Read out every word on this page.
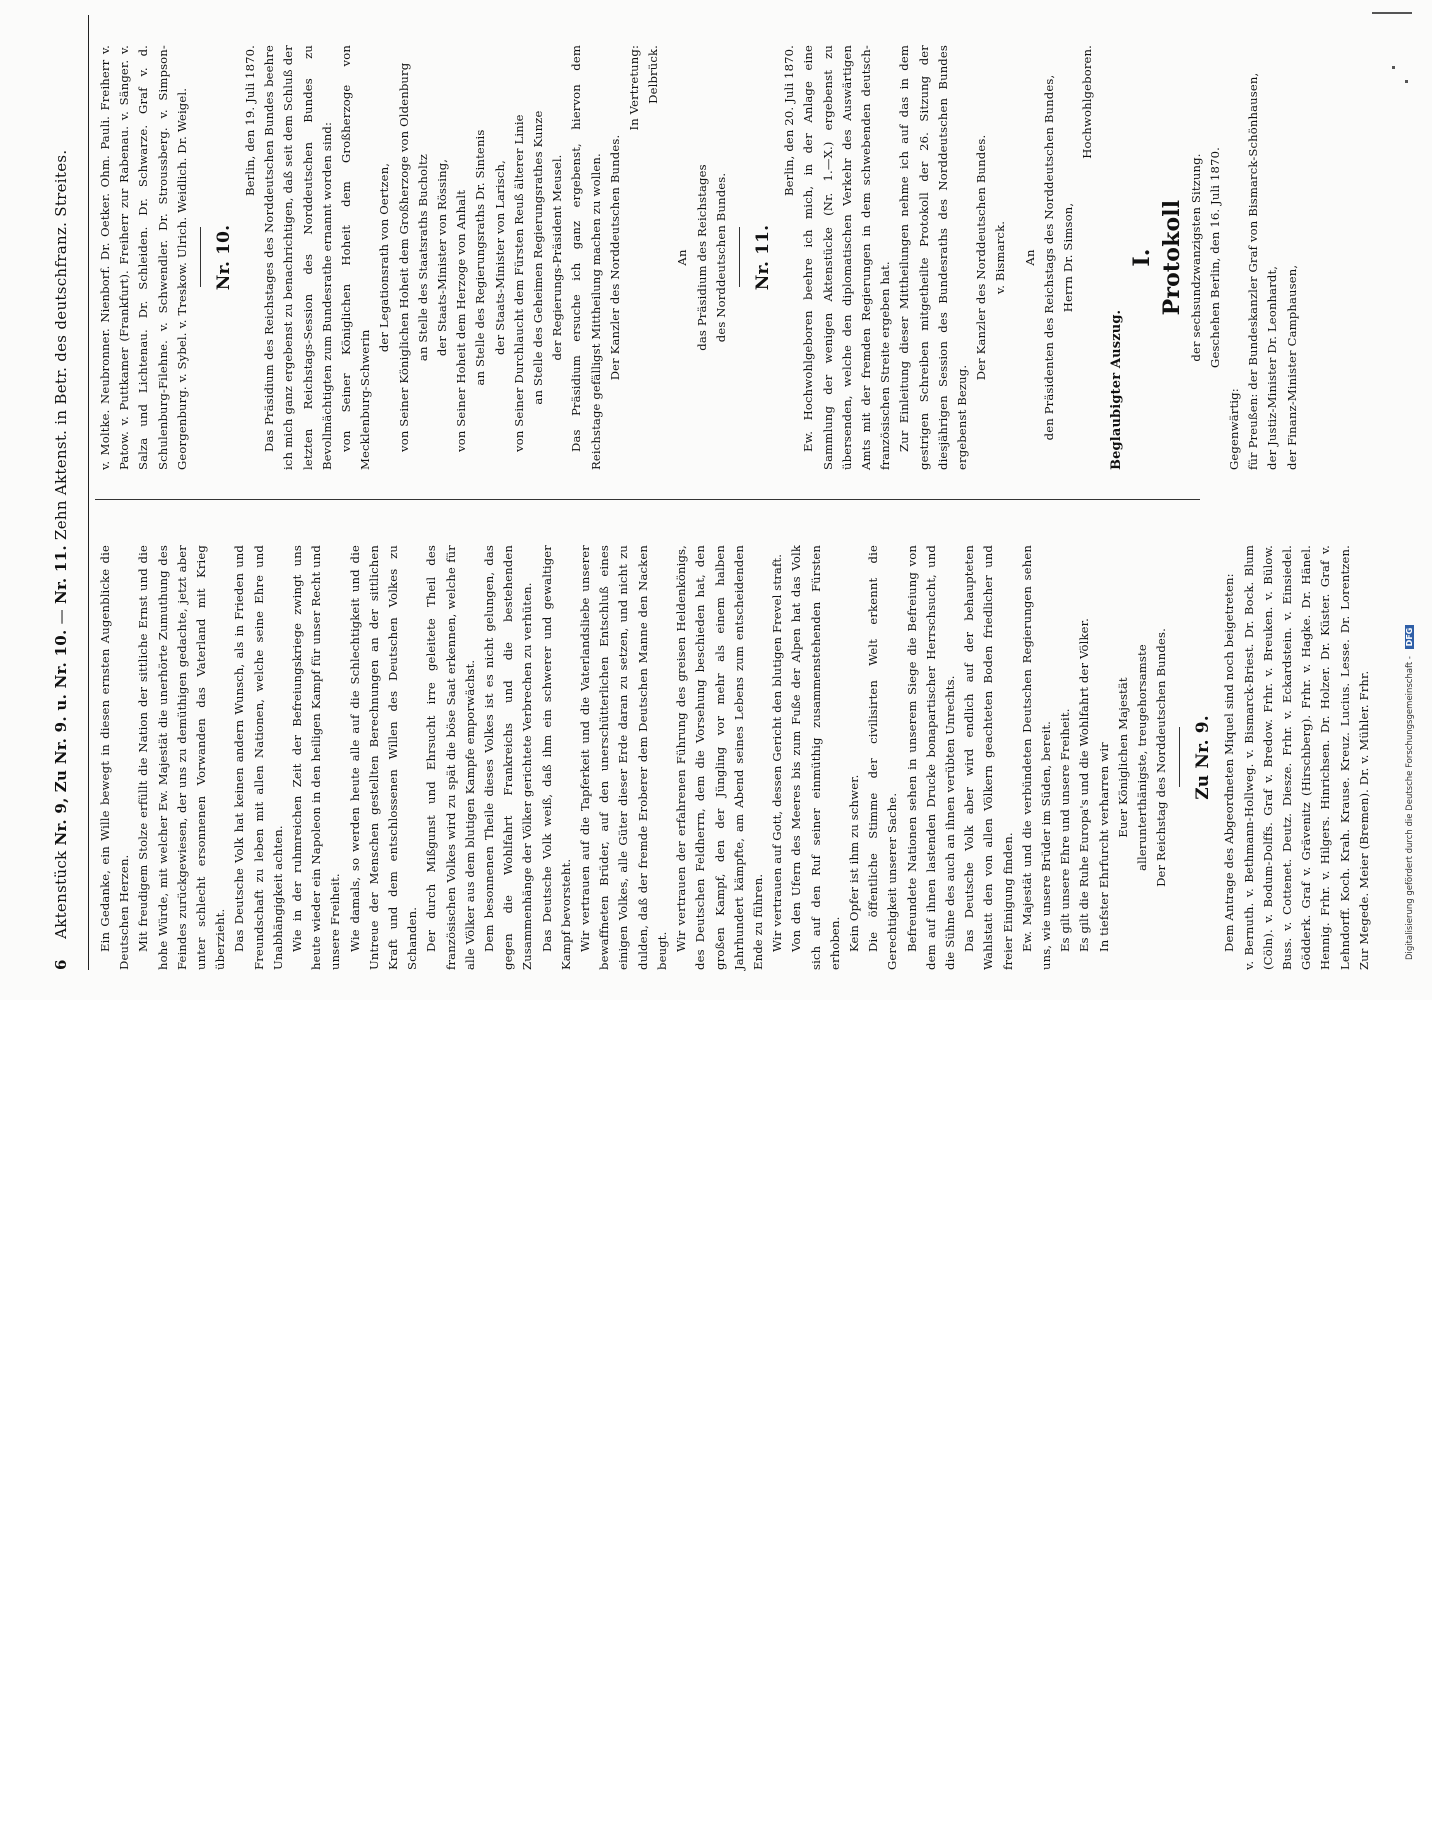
6 Aktenstück Nr. 9, Zu Nr. 9. u. Nr. 10. — Nr. 11. Zehn Aktenst. in Betr. des deutschfranz. Streites.

Ein Gedanke, ein Wille bewegt in diesen ernsten Augenblicke die Deutschen Herzen. Mit freudigem Stolze erfüllt die Nation der sittliche Ernst und die hohe Würde, mit welcher Ew. Majestät die unerhörte Zumuthung des Feindes zurückgewiesen, der uns zu demüthigen gedachte, jetzt aber unter schlecht ersonnenen Vorwanden das Vaterland mit Krieg überzieht. Das Deutsche Volk hat keinen andern Wunsch, als in Frieden und Freundschaft zu leben mit allen Nationen, welche seine Ehre und Unabhängigkeit achten. Wie in der ruhmreichen Zeit der Befreiungskriege zwingt uns heute wieder ein Napoleon in den heiligen Kampf für unser Recht und unsere Freiheit. Wie damals, so werden heute alle auf die Schlechtigkeit und die Untreue der Menschen gestellten Berechnungen an der sittlichen Kraft und dem entschlossenen Willen des Deutschen Volkes zu Schanden. Der durch Mißgunst und Ehrsucht irre geleitete Theil des französischen Volkes wird zu spät die böse Saat erkennen, welche für alle Völker aus dem blutigen Kampfe emporwächst. Dem besonnenen Theile dieses Volkes ist es nicht gelungen, das gegen die Wohlfahrt Frankreichs und die bestehenden Zusammenhänge der Völker gerichtete Verbrechen zu verhüten. Das Deutsche Volk weiß, daß ihm ein schwerer und gewaltiger Kampf bevorsteht. Wir vertrauen auf die Tapferkeit und die Vaterlandsliebe unserer bewaffneten Brüder, auf den unerschütterlichen Entschluß eines einigen Volkes, alle Güter dieser Erde daran zu setzen, und nicht zu dulden, daß der fremde Eroberer dem Deutschen Manne den Nacken beugt. Wir vertrauen der erfahrenen Führung des greisen Heldenkönigs, des Deutschen Feldherrn, dem die Vorsehung beschieden hat, den großen Kampf, den der Jüngling vor mehr als einem halben Jahrhundert kämpfte, am Abend seines Lebens zum entscheidenden Ende zu führen. Wir vertrauen auf Gott, dessen Gericht den blutigen Frevel straft. Von den Ufern des Meeres bis zum Fuße der Alpen hat das Volk sich auf den Ruf seiner einmüthig zusammenstehenden Fürsten erhoben. Kein Opfer ist ihm zu schwer. Die öffentliche Stimme der civilisirten Welt erkennt die Gerechtigkeit unserer Sache. Befreundete Nationen sehen in unserem Siege die Befreiung von dem auf ihnen lastenden Drucke bonapartischer Herrschsucht, und die Sühne des auch an ihnen verübten Unrechts. Das Deutsche Volk aber wird endlich auf der behaupteten Wahlstatt den von allen Völkern geachteten Boden friedlicher und freier Einigung finden. Ew. Majestät und die verbündeten Deutschen Regierungen sehen uns, wie unsere Brüder im Süden, bereit. Es gilt unsere Ehre und unsere Freiheit. Es gilt die Ruhe Europa's und die Wohlfahrt der Völker. In tiefster Ehrfurcht verharren wir Euer Königlichen Majestät allerunterthänigste, treugehorsamste Der Reichstag des Norddeutschen Bundes. Zu Nr. 9. Dem Antrage des Abgeordneten Miquel sind noch beigetreten: v. Bernuth. v. Bethmann-Hollweg. v. Bismarck-Briest. Dr. Bock. Blum (Cöln). v. Bodum-Dolffs. Graf v. Bredow. Frhr. v. Breuken. v. Bülow. Buss. v. Cottenet. Deutz. Diesze. Frhr. v. Eckardstein. v. Einsiedel. Gödderk. Graf v. Grävenitz (Hirschberg). Frhr. v. Hagke. Dr. Hänel. Hennig. Frhr. v. Hilgers. Hinrichsen. Dr. Holzer. Dr. Küster. Graf v. Lehndorff. Koch. Krah. Krause. Kreuz. Lucius. Lesse. Dr. Lorentzen. Zur Megede. Meier (Bremen). Dr. v. Mühler. Frhr.

v. Moltke. Neubronner. Nienborf. Dr. Oetker. Ohm. Pauli. Freiherr v. Patow. v. Puttkamer (Frankfurt). Freiherr zur Rabenau. v. Sänger. v. Salza und Lichtenau. Dr. Schleiden. Dr. Schwarze. Graf v. d. Schulenburg-Filehne. v. Schwendler. Dr. Stroussberg. v. Simpson-Georgenburg. v. Sybel. v. Treskow. Ulrich. Weidlich. Dr. Weigel. Nr. 10.

Berlin, den 19. Juli 1870. Das Präsidium des Reichstages des Norddeutschen Bundes beehre ich mich ganz ergebenst zu benachrichtigen, daß seit dem Schluß der letzten Reichstags-Session des Norddeutschen Bundes zu Bevollmächtigten zum Bundesrathe ernannt worden sind: von Seiner Königlichen Hoheit dem Großherzoge von Mecklenburg-Schwerin

der Legationsrath von Oertzen, von Seiner Königlichen Hoheit dem Großherzoge von Oldenburg an Stelle des Staatsraths Bucholtz der Staats-Minister von Rössing, von Seiner Hoheit dem Herzoge von Anhalt an Stelle des Regierungsraths Dr. Sintenis der Staats-Minister von Larisch, von Seiner Durchlaucht dem Fürsten Reuß älterer Linie an Stelle des Geheimen Regierungsrathes Kunze der Regierungs-Präsident Meusel. Das Präsidium ersuche ich ganz ergebenst, hiervon dem Reichstage gefälligst Mittheilung machen zu wollen. Der Kanzler des Norddeutschen Bundes.

In Vertretung: Delbrück.

An das Präsidium des Reichstages des Norddeutschen Bundes. Nr. 11.

Berlin, den 20. Juli 1870. Ew. Hochwohlgeboren beehre ich mich, in der Anlage eine Sammlung der wenigen Aktenstücke (Nr. 1.—X.) ergebenst zu übersenden, welche den diplomatischen Verkehr des Auswärtigen Amts mit der fremden Regierungen in dem schwebenden deutsch-französischen Streite ergeben hat. Zur Einleitung dieser Mittheilungen nehme ich auf das in dem gestrigen Schreiben mitgetheilte Protokoll der 26. Sitzung der diesjährigen Session des Bundesraths des Norddeutschen Bundes ergebenst Bezug.

Der Kanzler des Norddeutschen Bundes. v. Bismarck. An den Präsidenten des Reichstags des Norddeutschen Bundes, Herrn Dr. Simson,

Hochwohlgeboren.

Beglaubigter Auszug.

I. Protokoll der sechsundzwanzigsten Sitzung. Geschehen Berlin, den 16. Juli 1870.

Gegenwärtig: für Preußen: der Bundeskanzler Graf von Bismarck-Schönhausen, der Justiz-Minister Dr. Leonhardt, der Finanz-Minister Camphausen,

Digitalisierung gefördert durch die Deutsche Forschungsgemeinschaft - DFG
